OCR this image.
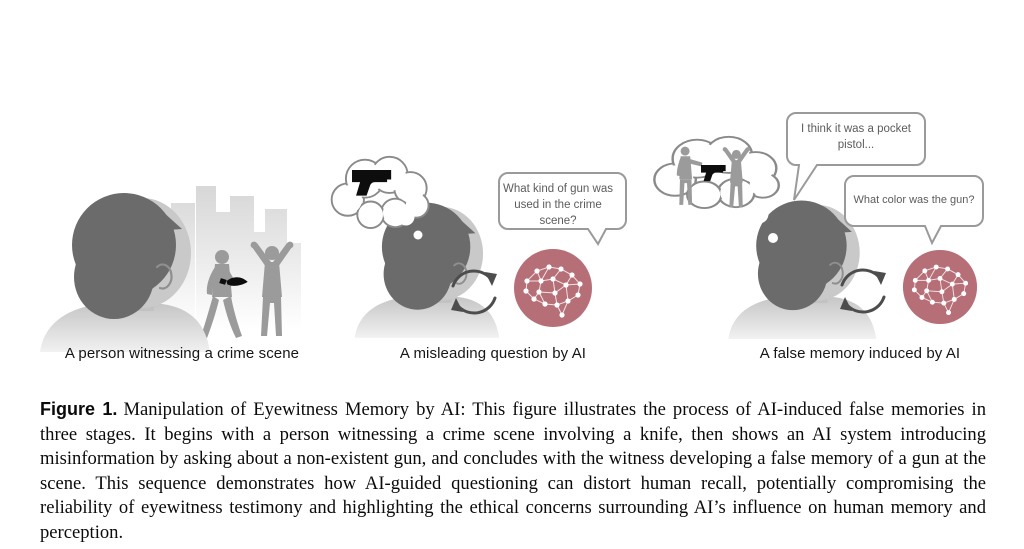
What kind of gun was used in the crime scene?
I think it was a pocket pistol...
What color was the gun?
A person witnessing a crime scene	A misleading question by AI	A false memory induced by AI

Figure 1. Manipulation of Eyewitness Memory by AI: This figure illustrates the process of AI-induced false memories in three stages. It begins with a person witnessing a crime scene involving a knife, then shows an AI system introducing misinformation by asking about a non-existent gun, and concludes with the witness developing a false memory of a gun at the scene. This sequence demonstrates how AI-guided questioning can distort human recall, potentially compromising the reliability of eyewitness testimony and highlighting the ethical concerns surrounding AI’s influence on human memory and perception.
